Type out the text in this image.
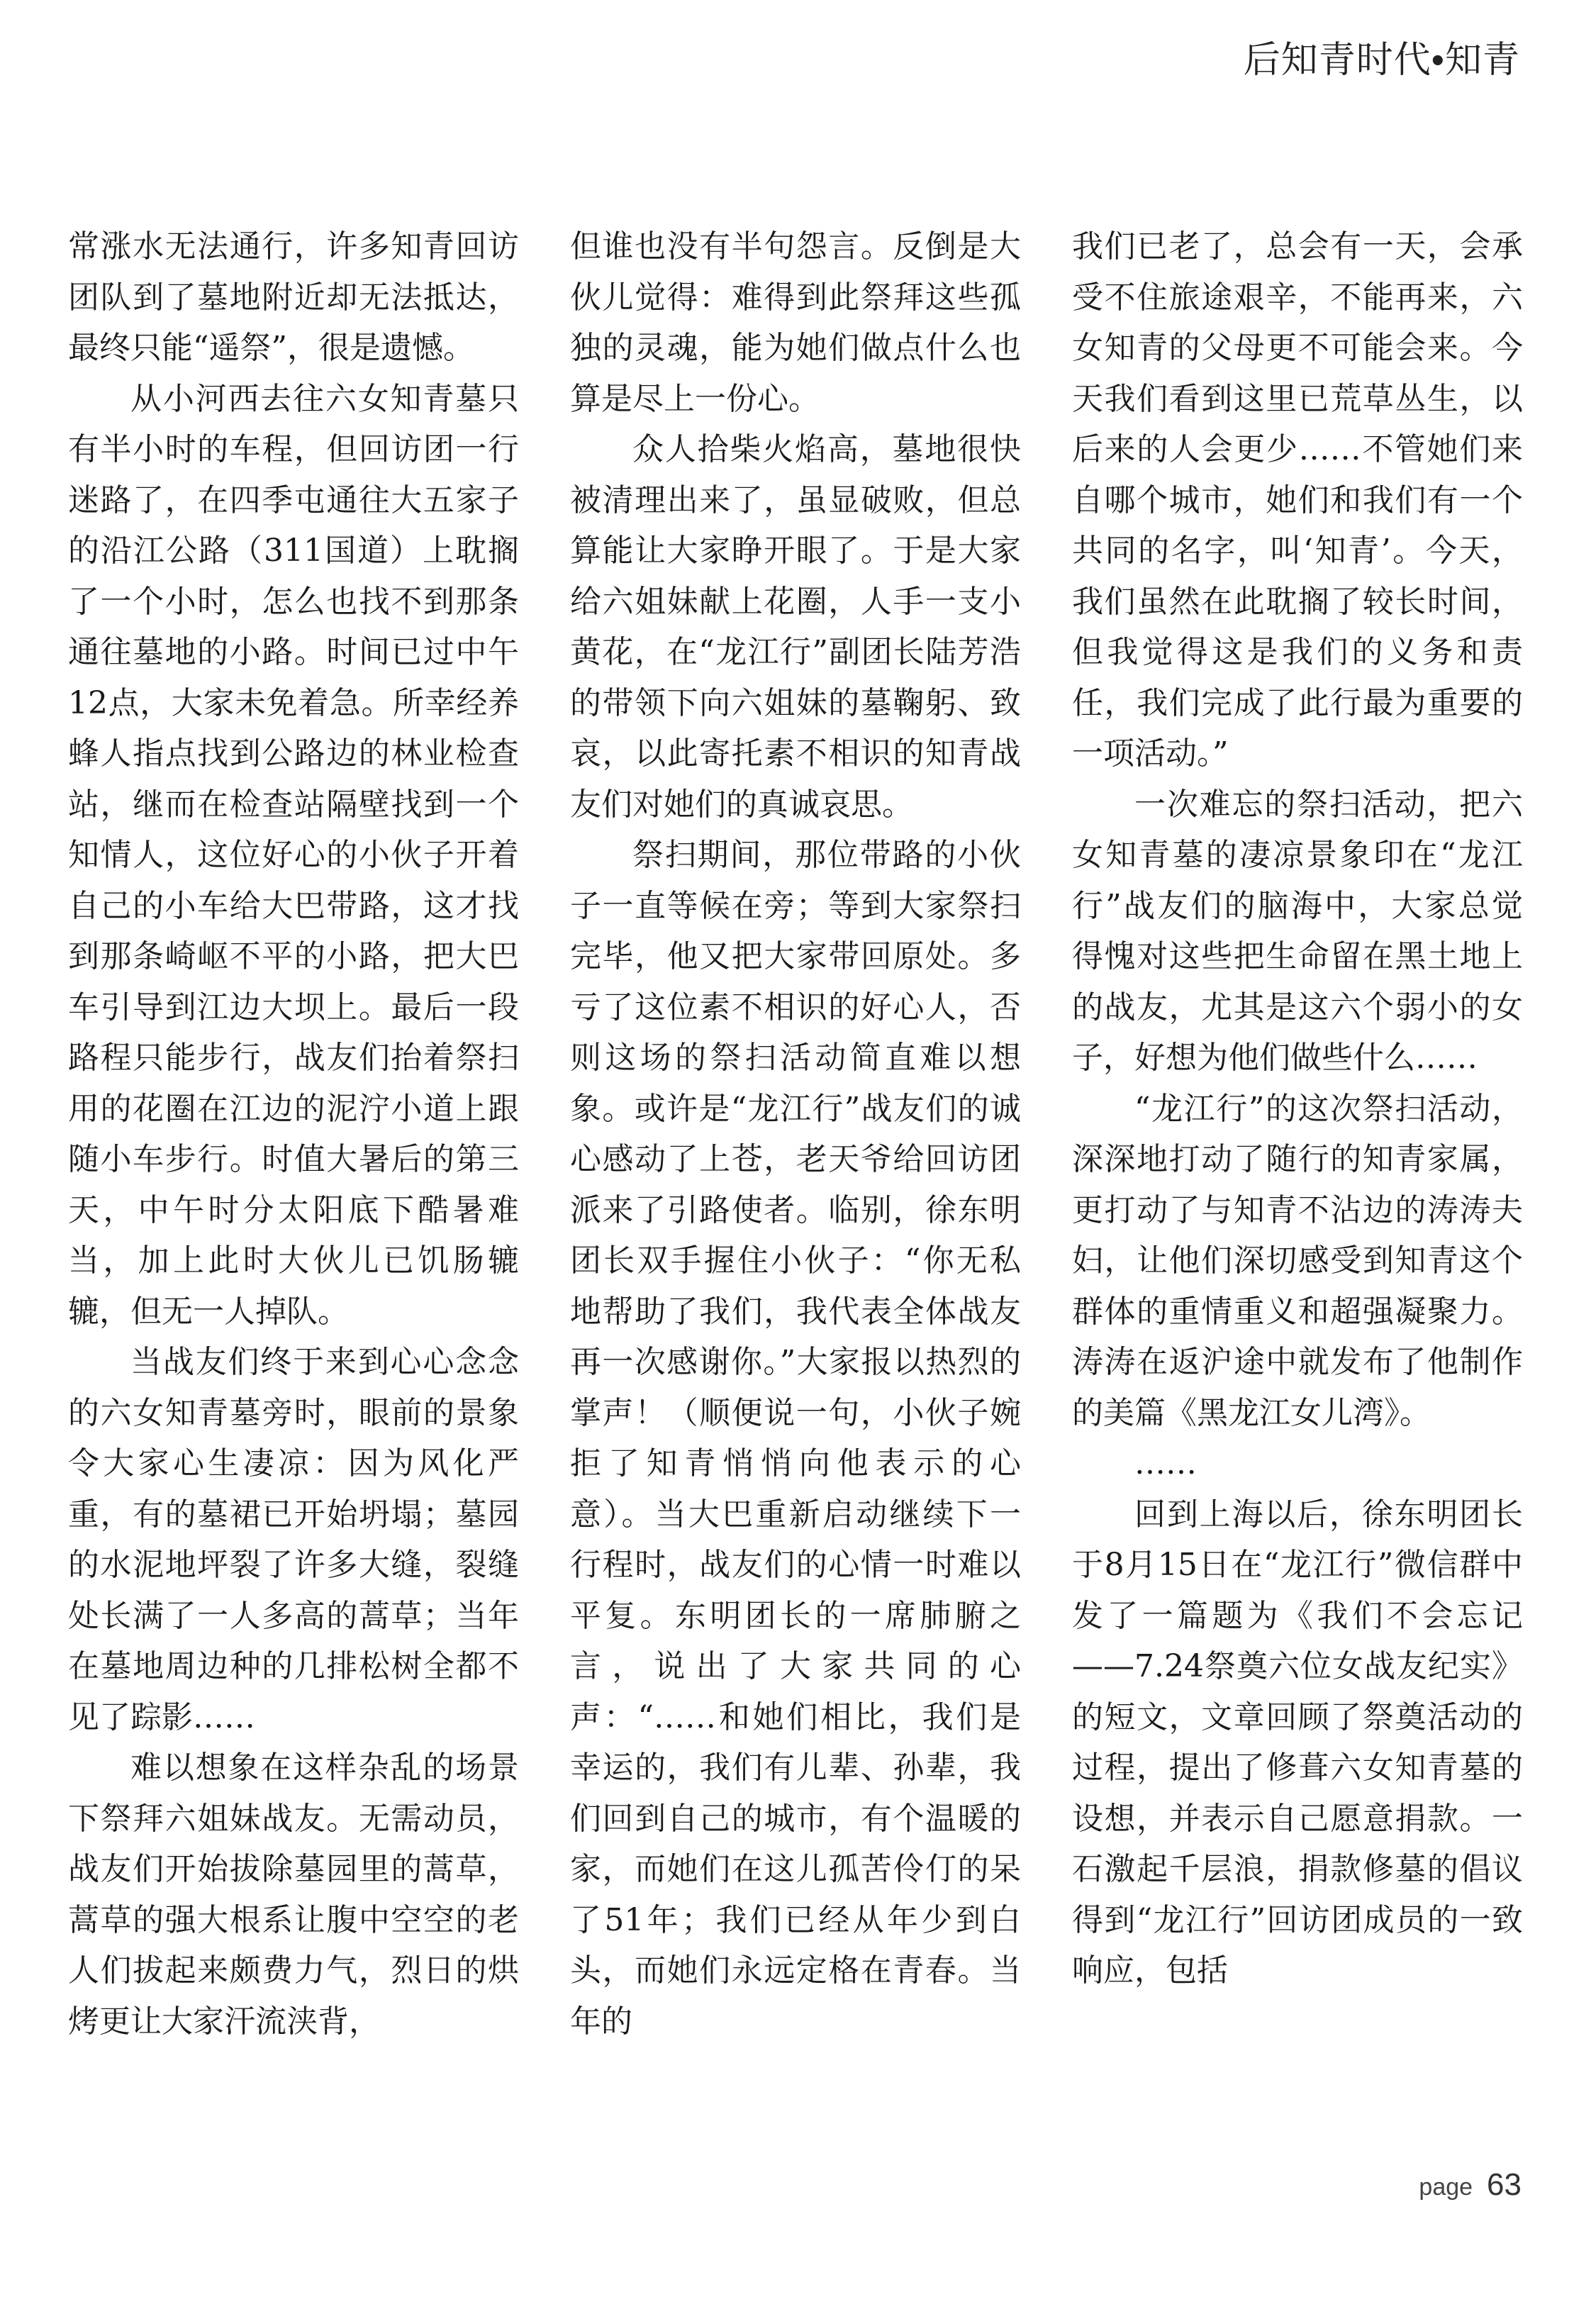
后知青时代•知青

常涨水无法通行，许多知青回访团队到了墓地附近却无法抵达，最终只能“遥祭”，很是遗憾。

从小河西去往六女知青墓只有半小时的车程，但回访团一行迷路了，在四季屯通往大五家子的沿江公路（311国道）上耽搁了一个小时，怎么也找不到那条通往墓地的小路。时间已过中午12点，大家未免着急。所幸经养蜂人指点找到公路边的林业检查站，继而在检查站隔壁找到一个知情人，这位好心的小伙子开着自己的小车给大巴带路，这才找到那条崎岖不平的小路，把大巴车引导到江边大坝上。最后一段路程只能步行，战友们抬着祭扫用的花圈在江边的泥泞小道上跟随小车步行。时值大暑后的第三天，中午时分太阳底下酷暑难当，加上此时大伙儿已饥肠辘辘，但无一人掉队。

当战友们终于来到心心念念的六女知青墓旁时，眼前的景象令大家心生凄凉：因为风化严重，有的墓裙已开始坍塌；墓园的水泥地坪裂了许多大缝，裂缝处长满了一人多高的蒿草；当年在墓地周边种的几排松树全都不见了踪影……

难以想象在这样杂乱的场景下祭拜六姐妹战友。无需动员，战友们开始拔除墓园里的蒿草，蒿草的强大根系让腹中空空的老人们拔起来颇费力气，烈日的烘烤更让大家汗流浃背，

但谁也没有半句怨言。反倒是大伙儿觉得：难得到此祭拜这些孤独的灵魂，能为她们做点什么也算是尽上一份心。

众人拾柴火焰高，墓地很快被清理出来了，虽显破败，但总算能让大家睁开眼了。于是大家给六姐妹献上花圈，人手一支小黄花，在“龙江行”副团长陆芳浩的带领下向六姐妹的墓鞠躬、致哀，以此寄托素不相识的知青战友们对她们的真诚哀思。

祭扫期间，那位带路的小伙子一直等候在旁；等到大家祭扫完毕，他又把大家带回原处。多亏了这位素不相识的好心人，否则这场的祭扫活动简直难以想象。或许是“龙江行”战友们的诚心感动了上苍，老天爷给回访团派来了引路使者。临别，徐东明团长双手握住小伙子：“你无私地帮助了我们，我代表全体战友再一次感谢你。”大家报以热烈的掌声！（顺便说一句，小伙子婉拒了知青悄悄向他表示的心意）。当大巴重新启动继续下一行程时，战友们的心情一时难以平复。东明团长的一席肺腑之言，说出了大家共同的心声：“……和她们相比，我们是幸运的，我们有儿辈、孙辈，我们回到自己的城市，有个温暖的家，而她们在这儿孤苦伶仃的呆了51年；我们已经从年少到白头，而她们永远定格在青春。当年的

我们已老了，总会有一天，会承受不住旅途艰辛，不能再来，六女知青的父母更不可能会来。今天我们看到这里已荒草丛生，以后来的人会更少……不管她们来自哪个城市，她们和我们有一个共同的名字，叫‘知青’。今天，我们虽然在此耽搁了较长时间，但我觉得这是我们的义务和责任，我们完成了此行最为重要的一项活动。”

一次难忘的祭扫活动，把六女知青墓的凄凉景象印在“龙江行”战友们的脑海中，大家总觉得愧对这些把生命留在黑土地上的战友，尤其是这六个弱小的女子，好想为他们做些什么……

“龙江行”的这次祭扫活动，深深地打动了随行的知青家属，更打动了与知青不沾边的涛涛夫妇，让他们深切感受到知青这个群体的重情重义和超强凝聚力。涛涛在返沪途中就发布了他制作的美篇《黑龙江女儿湾》。

……

回到上海以后，徐东明团长于8月15日在“龙江行”微信群中发了一篇题为《我们不会忘记——7.24祭奠六位女战友纪实》的短文，文章回顾了祭奠活动的过程，提出了修葺六女知青墓的设想，并表示自己愿意捐款。一石激起千层浪，捐款修墓的倡议得到“龙江行”回访团成员的一致响应，包括

page 63
